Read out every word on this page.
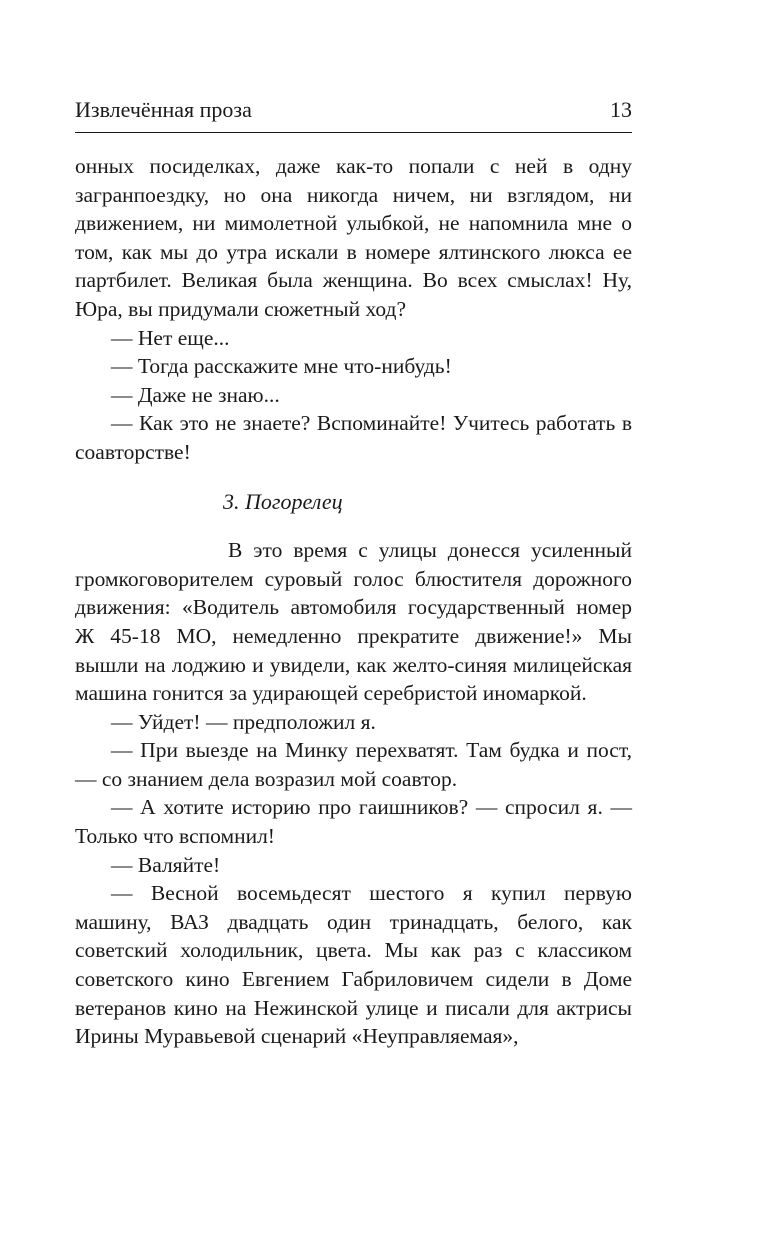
Извлечённая проза	13

онных посиделках, даже как-то попали с ней в одну загранпоездку, но она никогда ничем, ни взглядом, ни движением, ни мимолетной улыбкой, не напомнила мне о том, как мы до утра искали в номере ялтинского люкса ее партбилет. Великая была женщина. Во всех смыслах! Ну, Юра, вы придумали сюжетный ход?

— Нет еще...

— Тогда расскажите мне что-нибудь!

— Даже не знаю...

— Как это не знаете? Вспоминайте! Учитесь работать в соавторстве!

3. Погорелец

В это время с улицы донесся усиленный громкоговорителем суровый голос блюстителя дорожного движения: «Водитель автомобиля государственный номер Ж 45-18 МО, немедленно прекратите движение!» Мы вышли на лоджию и увидели, как желто-синяя милицейская машина гонится за удирающей серебристой иномаркой.

— Уйдет! — предположил я.

— При выезде на Минку перехватят. Там будка и пост, — со знанием дела возразил мой соавтор.

— А хотите историю про гаишников? — спросил я. — Только что вспомнил!

— Валяйте!

— Весной восемьдесят шестого я купил первую машину, ВАЗ двадцать один тринадцать, белого, как советский холодильник, цвета. Мы как раз с классиком советского кино Евгением Габриловичем сидели в Доме ветеранов кино на Нежинской улице и писали для актрисы Ирины Муравьевой сценарий «Неуправляемая»,
